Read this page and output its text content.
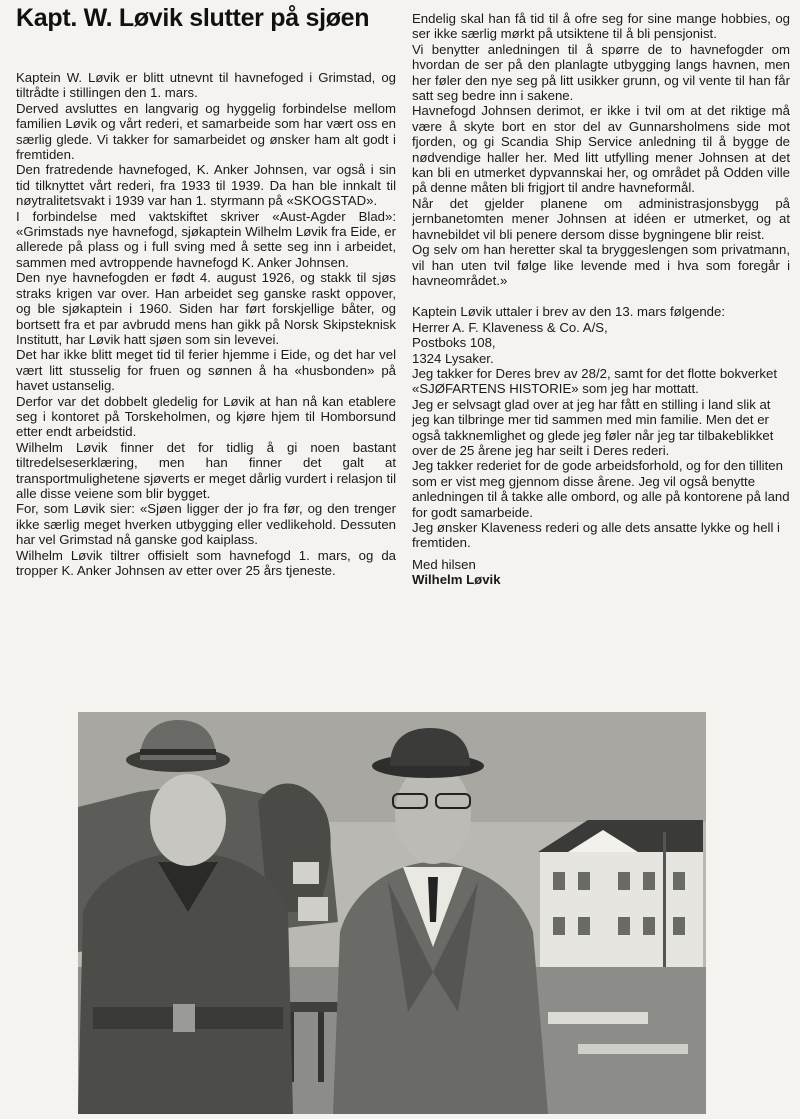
Kapt. W. Løvik slutter på sjøen

Kaptein W. Løvik er blitt utnevnt til havnefoged i Grimstad, og tiltrådte i stillingen den 1. mars.

Derved avsluttes en langvarig og hyggelig forbindelse mellom familien Løvik og vårt rederi, et samarbeide som har vært oss en særlig glede. Vi takker for samarbeidet og ønsker ham alt godt i fremtiden.

Den fratredende havnefoged, K. Anker Johnsen, var også i sin tid tilknyttet vårt rederi, fra 1933 til 1939. Da han ble innkalt til nøytralitetsvakt i 1939 var han 1. styrmann på «SKOGSTAD».

I forbindelse med vaktskiftet skriver «Aust-Agder Blad»: «Grimstads nye havnefogd, sjøkaptein Wilhelm Løvik fra Eide, er allerede på plass og i full sving med å sette seg inn i arbeidet, sammen med avtroppende havnefogd K. Anker Johnsen.

Den nye havnefogden er født 4. august 1926, og stakk til sjøs straks krigen var over. Han arbeidet seg ganske raskt oppover, og ble sjøkaptein i 1960. Siden har ført forskjellige båter, og bortsett fra et par avbrudd mens han gikk på Norsk Skipsteknisk Institutt, har Løvik hatt sjøen som sin levevei.

Det har ikke blitt meget tid til ferier hjemme i Eide, og det har vel vært litt stusselig for fruen og sønnen å ha «husbonden» på havet ustanselig.

Derfor var det dobbelt gledelig for Løvik at han nå kan etablere seg i kontoret på Torskeholmen, og kjøre hjem til Homborsund etter endt arbeidstid.

Wilhelm Løvik finner det for tidlig å gi noen bastant tiltredelseserklæring, men han finner det galt at transportmulighetene sjøverts er meget dårlig vurdert i relasjon til alle disse veiene som blir bygget.

For, som Løvik sier: «Sjøen ligger der jo fra før, og den trenger ikke særlig meget hverken utbygging eller vedlikehold. Dessuten har vel Grimstad nå ganske god kaiplass.

Wilhelm Løvik tiltrer offisielt som havnefogd 1. mars, og da tropper K. Anker Johnsen av etter over 25 års tjeneste.

Endelig skal han få tid til å ofre seg for sine mange hobbies, og ser ikke særlig mørkt på utsiktene til å bli pensjonist.

Vi benytter anledningen til å spørre de to havnefogder om hvordan de ser på den planlagte utbygging langs havnen, men her føler den nye seg på litt usikker grunn, og vil vente til han får satt seg bedre inn i sakene.

Havnefogd Johnsen derimot, er ikke i tvil om at det riktige må være å skyte bort en stor del av Gunnarsholmens side mot fjorden, og gi Scandia Ship Service anledning til å bygge de nødvendige haller her. Med litt utfylling mener Johnsen at det kan bli en utmerket dypvannskai her, og området på Odden ville på denne måten bli frigjort til andre havneformål.

Når det gjelder planene om administrasjonsbygg på jernbanetomten mener Johnsen at idéen er utmerket, og at havnebildet vil bli penere dersom disse bygningene blir reist.

Og selv om han heretter skal ta bryggeslengen som privatmann, vil han uten tvil følge like levende med i hva som foregår i havneområdet.»

Kaptein Løvik uttaler i brev av den 13. mars følgende:

Herrer A. F. Klaveness & Co. A/S,

Postboks 108,

1324 Lysaker.

Jeg takker for Deres brev av 28/2, samt for det flotte bokverket «SJØFARTENS HISTORIE» som jeg har mottatt.

Jeg er selvsagt glad over at jeg har fått en stilling i land slik at jeg kan tilbringe mer tid sammen med min familie. Men det er også takknemlighet og glede jeg føler når jeg tar tilbakeblikket over de 25 årene jeg har seilt i Deres rederi.

Jeg takker rederiet for de gode arbeidsforhold, og for den tilliten som er vist meg gjennom disse årene. Jeg vil også benytte anledningen til å takke alle ombord, og alle på kontorene på land for godt samarbeide.

Jeg ønsker Klaveness rederi og alle dets ansatte lykke og hell i fremtiden.

Med hilsen

Wilhelm Løvik
